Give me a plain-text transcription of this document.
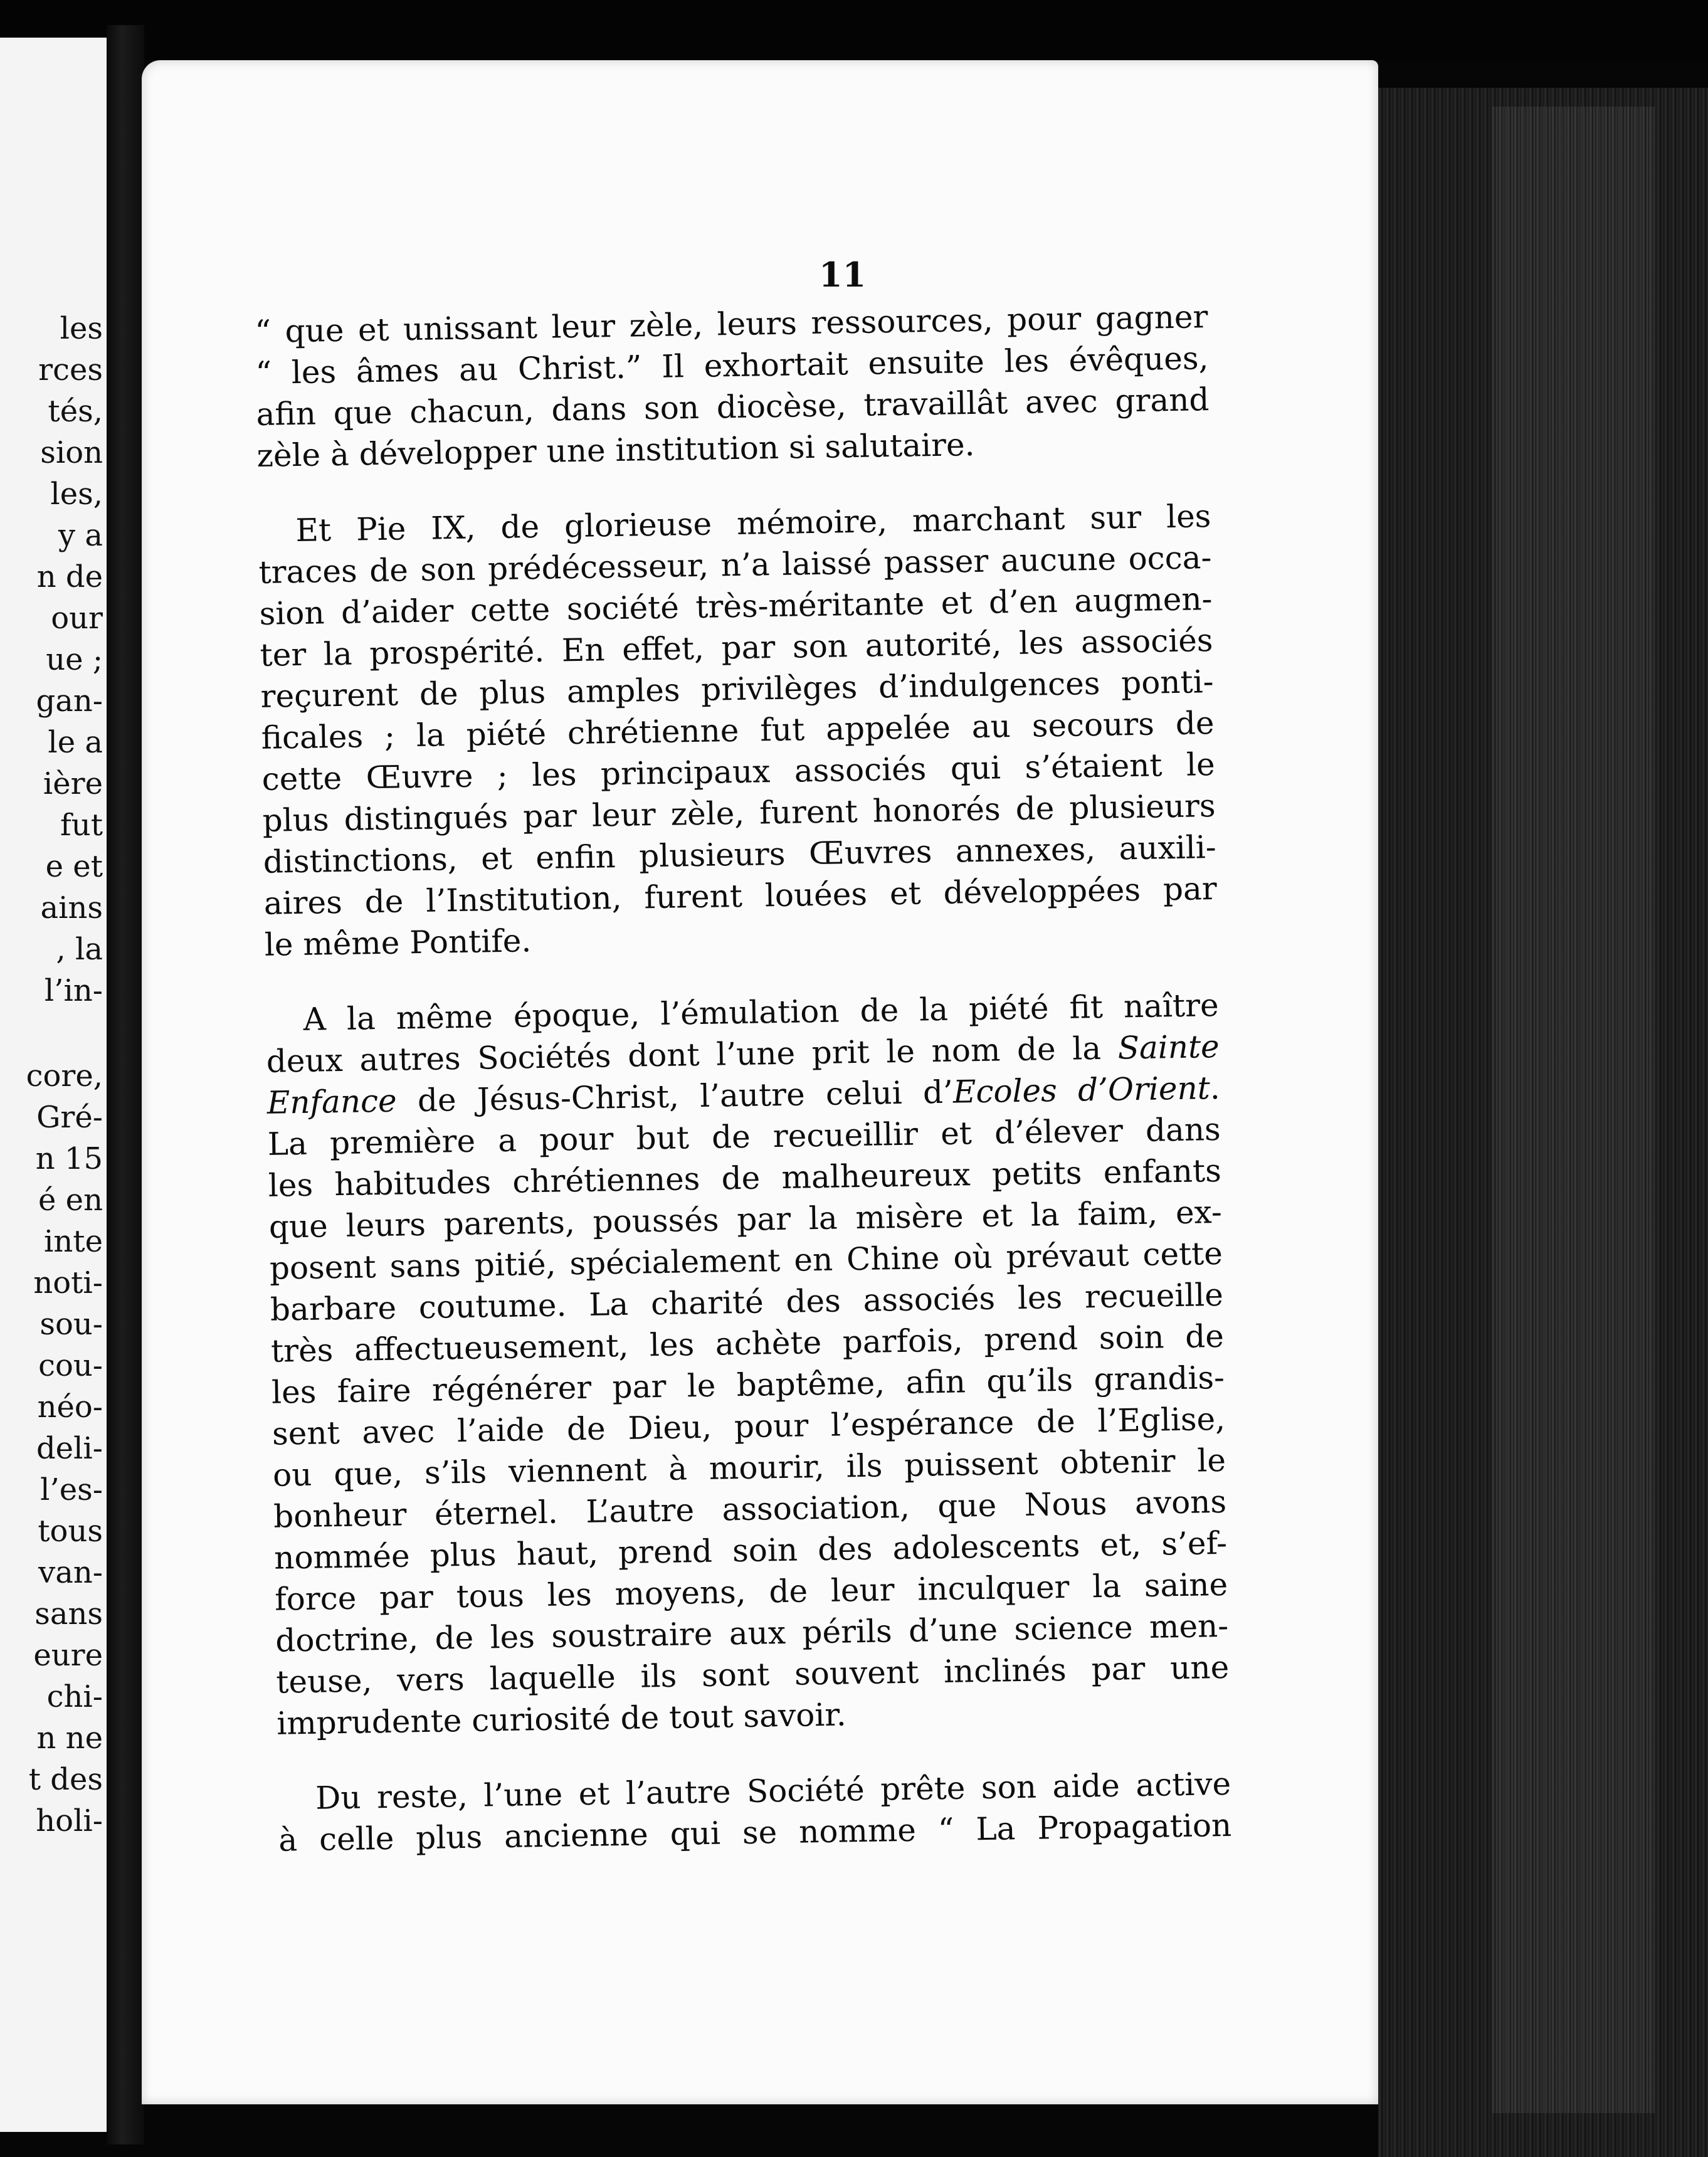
les
rces
tés,
sion
les,
y a
n de
our
ue ;
gan-
le a
ière
fut
e et
ains
, la
l’in-
core,
Gré-
n 15
é en
inte
noti-
sou-
cou-
néo-
deli-
l’es-
tous
van-
sans
eure
chi-
n ne
t des
holi-
11
“ que et unissant leur zèle, leurs ressources, pour gagner
“ les âmes au Christ.” Il exhortait ensuite les évêques,
afin que chacun, dans son diocèse, travaillât avec grand
zèle à développer une institution si salutaire.
Et Pie IX, de glorieuse mémoire, marchant sur les
traces de son prédécesseur, n’a laissé passer aucune occa-
sion d’aider cette société très-méritante et d’en augmen-
ter la prospérité. En effet, par son autorité, les associés
reçurent de plus amples privilèges d’indulgences ponti-
ficales ; la piété chrétienne fut appelée au secours de
cette Œuvre ; les principaux associés qui s’étaient le
plus distingués par leur zèle, furent honorés de plusieurs
distinctions, et enfin plusieurs Œuvres annexes, auxili-
aires de l’Institution, furent louées et développées par
le même Pontife.
A la même époque, l’émulation de la piété fit naître
deux autres Sociétés dont l’une prit le nom de la Sainte
Enfance de Jésus-Christ, l’autre celui d’Ecoles d’Orient.
La première a pour but de recueillir et d’élever dans
les habitudes chrétiennes de malheureux petits enfants
que leurs parents, poussés par la misère et la faim, ex-
posent sans pitié, spécialement en Chine où prévaut cette
barbare coutume. La charité des associés les recueille
très affectueusement, les achète parfois, prend soin de
les faire régénérer par le baptême, afin qu’ils grandis-
sent avec l’aide de Dieu, pour l’espérance de l’Eglise,
ou que, s’ils viennent à mourir, ils puissent obtenir le
bonheur éternel. L’autre association, que Nous avons
nommée plus haut, prend soin des adolescents et, s’ef-
force par tous les moyens, de leur inculquer la saine
doctrine, de les soustraire aux périls d’une science men-
teuse, vers laquelle ils sont souvent inclinés par une
imprudente curiosité de tout savoir.
Du reste, l’une et l’autre Société prête son aide active
à celle plus ancienne qui se nomme “ La Propagation
